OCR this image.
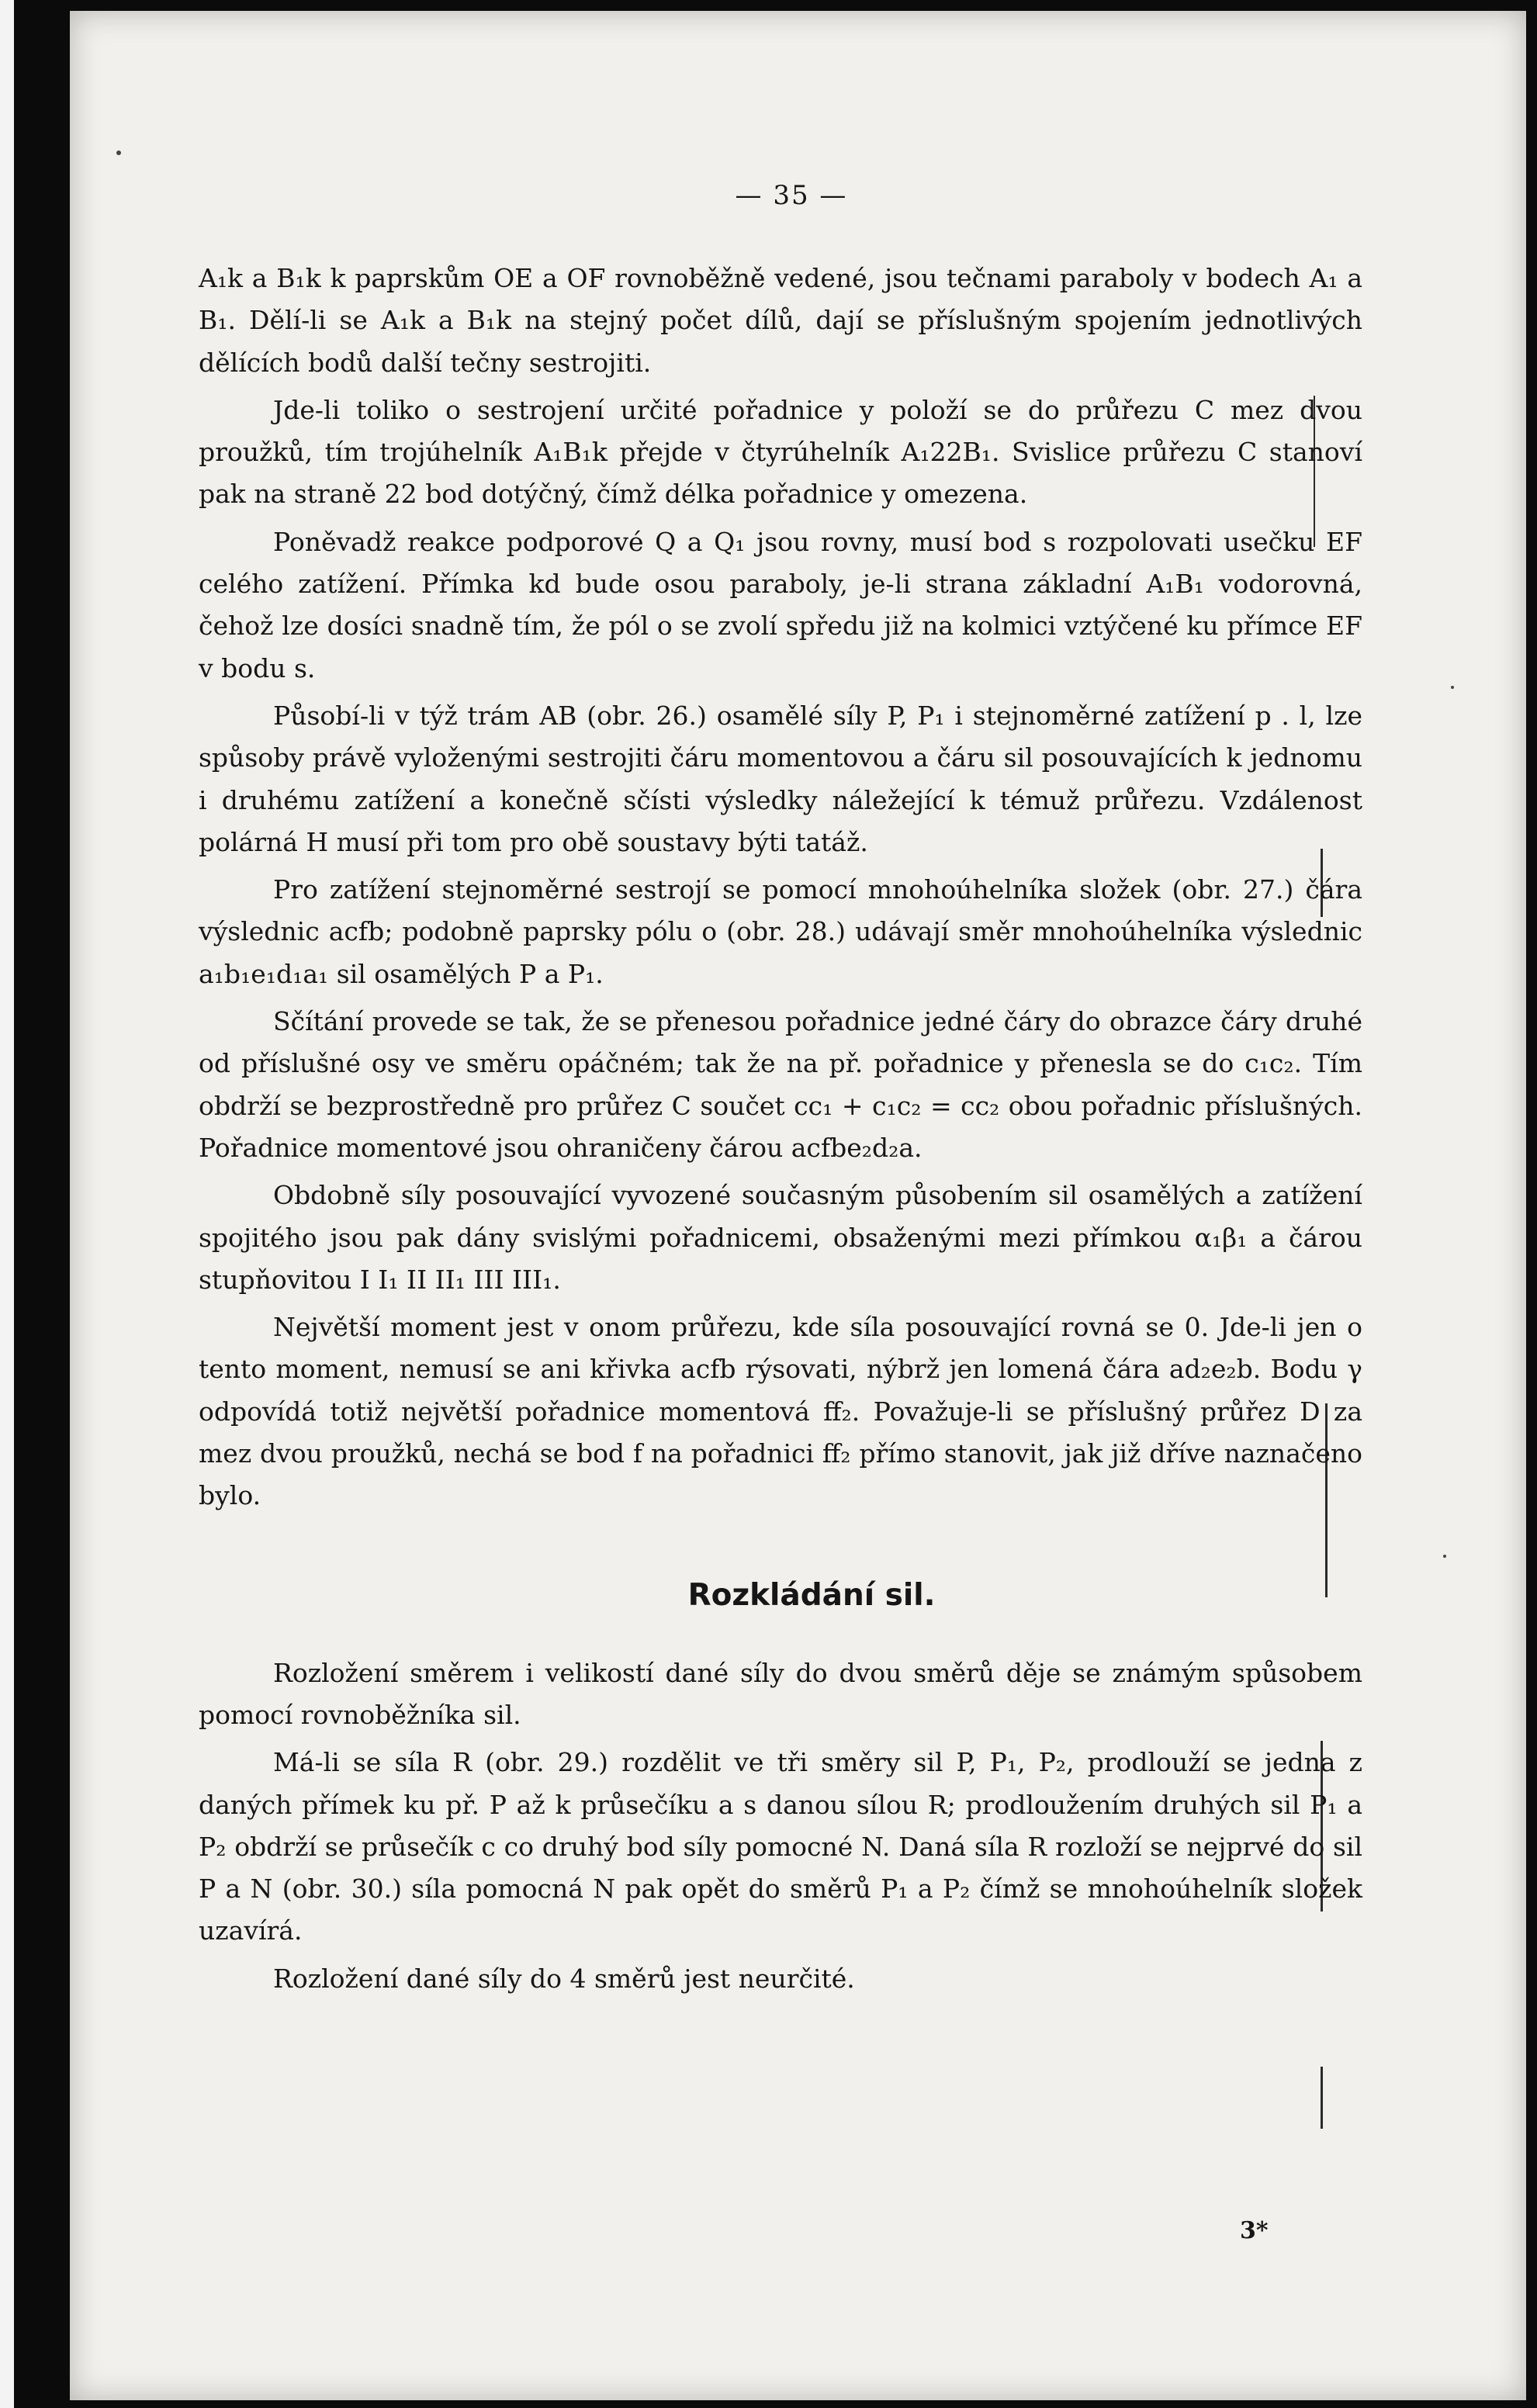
— 35 —

A₁k a B₁k k paprskům OE a OF rovnoběžně vedené, jsou tečnami paraboly v bodech A₁ a B₁. Dělí-li se A₁k a B₁k na stejný počet dílů, dají se příslušným spojením jednotlivých dělících bodů další tečny sestrojiti.

Jde-li toliko o sestrojení určité pořadnice y položí se do průřezu C mez dvou proužků, tím trojúhelník A₁B₁k přejde v čtyrúhelník A₁22B₁. Svislice průřezu C stanoví pak na straně 22 bod dotýčný, čímž délka pořadnice y omezena.

Poněvadž reakce podporové Q a Q₁ jsou rovny, musí bod s rozpolovati usečku EF celého zatížení. Přímka kd bude osou paraboly, je-li strana základní A₁B₁ vodorovná, čehož lze dosíci snadně tím, že pól o se zvolí spředu již na kolmici vztýčené ku přímce EF v bodu s.

Působí-li v týž trám AB (obr. 26.) osamělé síly P, P₁ i stejnoměrné zatížení p . l, lze spůsoby právě vyloženými sestrojiti čáru momentovou a čáru sil posouvajících k jednomu i druhému zatížení a konečně sčísti výsledky náležející k témuž průřezu. Vzdálenost polárná H musí při tom pro obě soustavy býti tatáž.

Pro zatížení stejnoměrné sestrojí se pomocí mnohoúhelníka složek (obr. 27.) čára výslednic acfb; podobně paprsky pólu o (obr. 28.) udávají směr mnohoúhelníka výslednic a₁b₁e₁d₁a₁ sil osamělých P a P₁.

Sčítání provede se tak, že se přenesou pořadnice jedné čáry do obrazce čáry druhé od příslušné osy ve směru opáčném; tak že na př. pořadnice y přenesla se do c₁c₂. Tím obdrží se bezprostředně pro průřez C součet cc₁ + c₁c₂ = cc₂ obou pořadnic příslušných. Pořadnice momentové jsou ohraničeny čárou acfbe₂d₂a.

Obdobně síly posouvající vyvozené současným působením sil osamělých a zatížení spojitého jsou pak dány svislými pořadnicemi, obsaženými mezi přímkou α₁β₁ a čárou stupňovitou I I₁ II II₁ III III₁.

Největší moment jest v onom průřezu, kde síla posouvající rovná se 0. Jde-li jen o tento moment, nemusí se ani křivka acfb rýsovati, nýbrž jen lomená čára ad₂e₂b. Bodu γ odpovídá totiž největší pořadnice momentová ff₂. Považuje-li se příslušný průřez D za mez dvou proužků, nechá se bod f na pořadnici ff₂ přímo stanovit, jak již dříve naznačeno bylo.

Rozkládání sil.

Rozložení směrem i velikostí dané síly do dvou směrů děje se známým spůsobem pomocí rovnoběžníka sil.

Má-li se síla R (obr. 29.) rozdělit ve tři směry sil P, P₁, P₂, prodlouží se jedna z daných přímek ku př. P až k průsečíku a s danou sílou R; prodloužením druhých sil P₁ a P₂ obdrží se průsečík c co druhý bod síly pomocné N. Daná síla R rozloží se nejprvé do sil P a N (obr. 30.) síla pomocná N pak opět do směrů P₁ a P₂ čímž se mnohoúhelník složek uzavírá.

Rozložení dané síly do 4 směrů jest neurčité.

3*
